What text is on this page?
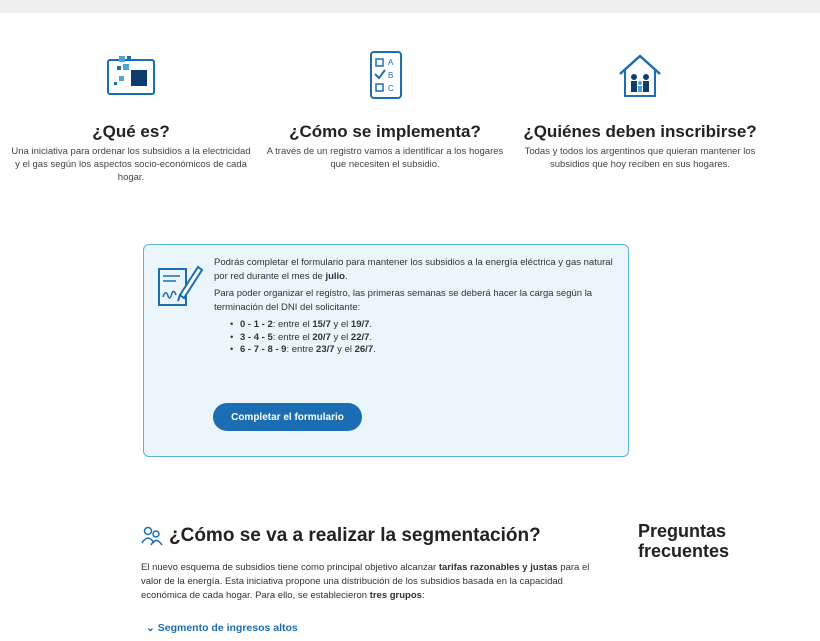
¿Qué es?

Una iniciativa para ordenar los subsidios a la electricidad y el gas según los aspectos socio-económicos de cada hogar.

A
B
C
¿Cómo se implementa?

A través de un registro vamos a identificar a los hogares que necesiten el subsidio.

¿Quiénes deben inscribirse?

Todas y todos los argentinos que quieran mantener los subsidios que hoy reciben en sus hogares.

Podrás completar el formulario para mantener los subsidios a la energía eléctrica y gas natural por red durante el mes de julio.

Para poder organizar el registro, las primeras semanas se deberá hacer la carga según la terminación del DNI del solicitante:

• 0 - 1 - 2: entre el 15/7 y el 19/7.
• 3 - 4 - 5: entre el 20/7 y el 22/7.
• 6 - 7 - 8 - 9: entre 23/7 y el 26/7.
Completar el formulario
¿Cómo se va a realizar la segmentación?

El nuevo esquema de subsidios tiene como principal objetivo alcanzar tarifas razonables y justas para el valor de la energía. Esta iniciativa propone una distribución de los subsidios basada en la capacidad económica de cada hogar. Para ello, se establecieron tres grupos:

⌄ Segmento de ingresos altos
Preguntas frecuentes
